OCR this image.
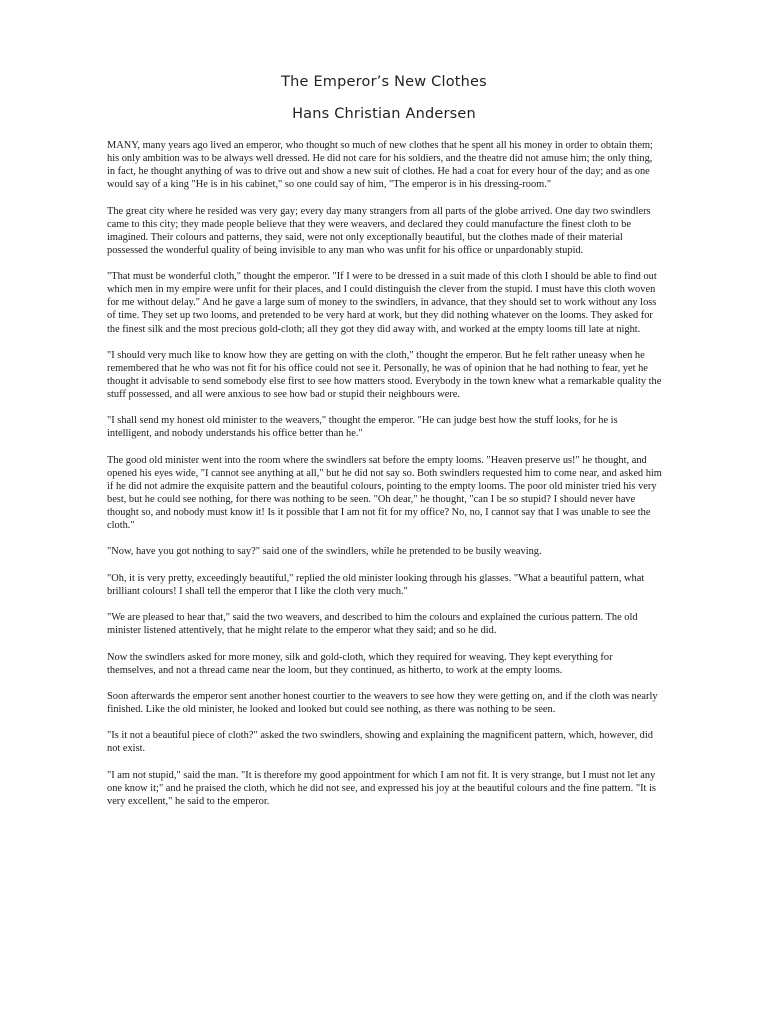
The Emperor’s New Clothes
Hans Christian Andersen

MANY, many years ago lived an emperor, who thought so much of new clothes that he spent all his money in order to obtain them; his only ambition was to be always well dressed. He did not care for his soldiers, and the theatre did not amuse him; the only thing, in fact, he thought anything of was to drive out and show a new suit of clothes. He had a coat for every hour of the day; and as one would say of a king "He is in his cabinet," so one could say of him, "The emperor is in his dressing-room."

The great city where he resided was very gay; every day many strangers from all parts of the globe arrived. One day two swindlers came to this city; they made people believe that they were weavers, and declared they could manufacture the finest cloth to be imagined. Their colours and patterns, they said, were not only exceptionally beautiful, but the clothes made of their material possessed the wonderful quality of being invisible to any man who was unfit for his office or unpardonably stupid.

"That must be wonderful cloth," thought the emperor. "If I were to be dressed in a suit made of this cloth I should be able to find out which men in my empire were unfit for their places, and I could distinguish the clever from the stupid. I must have this cloth woven for me without delay." And he gave a large sum of money to the swindlers, in advance, that they should set to work without any loss of time. They set up two looms, and pretended to be very hard at work, but they did nothing whatever on the looms. They asked for the finest silk and the most precious gold-cloth; all they got they did away with, and worked at the empty looms till late at night.

"I should very much like to know how they are getting on with the cloth," thought the emperor. But he felt rather uneasy when he remembered that he who was not fit for his office could not see it. Personally, he was of opinion that he had nothing to fear, yet he thought it advisable to send somebody else first to see how matters stood. Everybody in the town knew what a remarkable quality the stuff possessed, and all were anxious to see how bad or stupid their neighbours were.

"I shall send my honest old minister to the weavers," thought the emperor. "He can judge best how the stuff looks, for he is intelligent, and nobody understands his office better than he."

The good old minister went into the room where the swindlers sat before the empty looms. "Heaven preserve us!" he thought, and opened his eyes wide, "I cannot see anything at all," but he did not say so. Both swindlers requested him to come near, and asked him if he did not admire the exquisite pattern and the beautiful colours, pointing to the empty looms. The poor old minister tried his very best, but he could see nothing, for there was nothing to be seen. "Oh dear," he thought, "can I be so stupid? I should never have thought so, and nobody must know it! Is it possible that I am not fit for my office? No, no, I cannot say that I was unable to see the cloth."

"Now, have you got nothing to say?" said one of the swindlers, while he pretended to be busily weaving.

"Oh, it is very pretty, exceedingly beautiful," replied the old minister looking through his glasses. "What a beautiful pattern, what brilliant colours! I shall tell the emperor that I like the cloth very much."

"We are pleased to hear that," said the two weavers, and described to him the colours and explained the curious pattern. The old minister listened attentively, that he might relate to the emperor what they said; and so he did.

Now the swindlers asked for more money, silk and gold-cloth, which they required for weaving. They kept everything for themselves, and not a thread came near the loom, but they continued, as hitherto, to work at the empty looms.

Soon afterwards the emperor sent another honest courtier to the weavers to see how they were getting on, and if the cloth was nearly finished. Like the old minister, he looked and looked but could see nothing, as there was nothing to be seen.

"Is it not a beautiful piece of cloth?" asked the two swindlers, showing and explaining the magnificent pattern, which, however, did not exist.

"I am not stupid," said the man. "It is therefore my good appointment for which I am not fit. It is very strange, but I must not let any one know it;" and he praised the cloth, which he did not see, and expressed his joy at the beautiful colours and the fine pattern. "It is very excellent," he said to the emperor.
